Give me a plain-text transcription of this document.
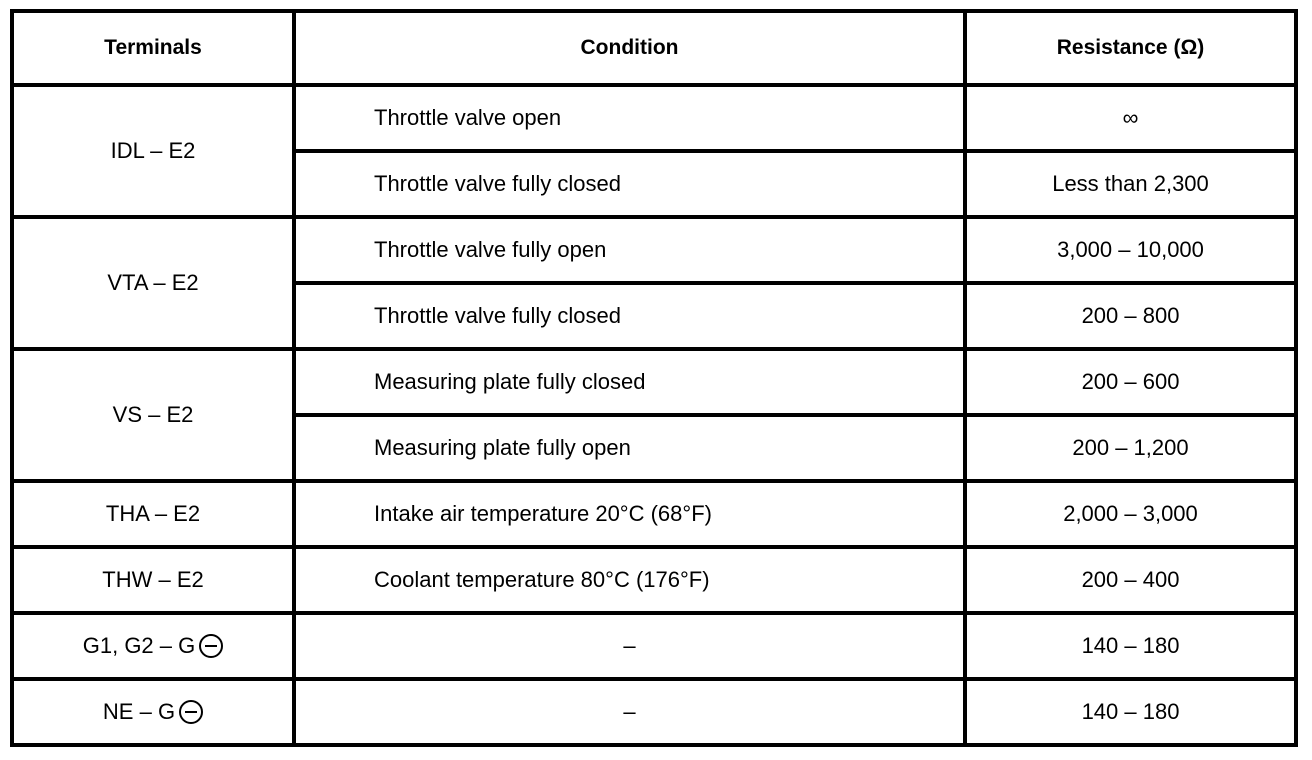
Terminals	Condition	Resistance (Ω)
IDL – E2	Throttle valve open	∞
	Throttle valve fully closed	Less than 2,300
VTA – E2	Throttle valve fully open	3,000 – 10,000
	Throttle valve fully closed	200 – 800
VS – E2	Measuring plate fully closed	200 – 600
	Measuring plate fully open	200 – 1,200
THA – E2	Intake air temperature 20°C (68°F)	2,000 – 3,000
THW – E2	Coolant temperature 80°C (176°F)	200 – 400
G1, G2 – G	–	140 – 180
NE – G	–	140 – 180
